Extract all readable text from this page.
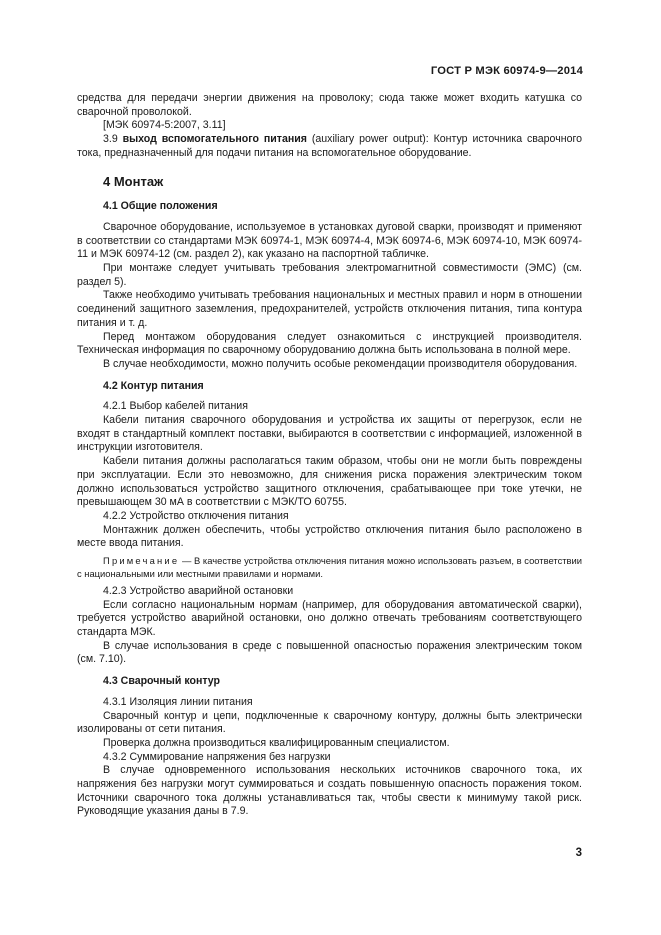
ГОСТ Р МЭК 60974-9—2014

средства для передачи энергии движения на проволоку; сюда также может входить катушка со сварочной проволокой.

[МЭК 60974-5:2007, 3.11]

3.9 выход вспомогательного питания (auxiliary power output): Контур источника сварочного тока, предназначенный для подачи питания на вспомогательное оборудование.

4 Монтаж

4.1 Общие положения

Сварочное оборудование, используемое в установках дуговой сварки, производят и применяют в соответствии со стандартами МЭК 60974-1, МЭК 60974-4, МЭК 60974-6, МЭК 60974-10, МЭК 60974-11 и МЭК 60974-12 (см. раздел 2), как указано на паспортной табличке.

При монтаже следует учитывать требования электромагнитной совместимости (ЭМС) (см. раздел 5).

Также необходимо учитывать требования национальных и местных правил и норм в отношении соединений защитного заземления, предохранителей, устройств отключения питания, типа контура питания и т. д.

Перед монтажом оборудования следует ознакомиться с инструкцией производителя. Техническая информация по сварочному оборудованию должна быть использована в полной мере.

В случае необходимости, можно получить особые рекомендации производителя оборудования.

4.2 Контур питания

4.2.1 Выбор кабелей питания

Кабели питания сварочного оборудования и устройства их защиты от перегрузок, если не входят в стандартный комплект поставки, выбираются в соответствии с информацией, изложенной в инструкции изготовителя.

Кабели питания должны располагаться таким образом, чтобы они не могли быть повреждены при эксплуатации. Если это невозможно, для снижения риска поражения электрическим током должно использоваться устройство защитного отключения, срабатывающее при токе утечки, не превышающем 30 мА в соответствии с МЭК/ТО 60755.

4.2.2 Устройство отключения питания

Монтажник должен обеспечить, чтобы устройство отключения питания было расположено в месте ввода питания.

Примечание — В качестве устройства отключения питания можно использовать разъем, в соответствии с национальными или местными правилами и нормами.

4.2.3 Устройство аварийной остановки

Если согласно национальным нормам (например, для оборудования автоматической сварки), требуется устройство аварийной остановки, оно должно отвечать требованиям соответствующего стандарта МЭК.

В случае использования в среде с повышенной опасностью поражения электрическим током (см. 7.10).

4.3 Сварочный контур

4.3.1 Изоляция линии питания

Сварочный контур и цепи, подключенные к сварочному контуру, должны быть электрически изолированы от сети питания.

Проверка должна производиться квалифицированным специалистом.

4.3.2 Суммирование напряжения без нагрузки

В случае одновременного использования нескольких источников сварочного тока, их напряжения без нагрузки могут суммироваться и создать повышенную опасность поражения током. Источники сварочного тока должны устанавливаться так, чтобы свести к минимуму такой риск. Руководящие указания даны в 7.9.

3
